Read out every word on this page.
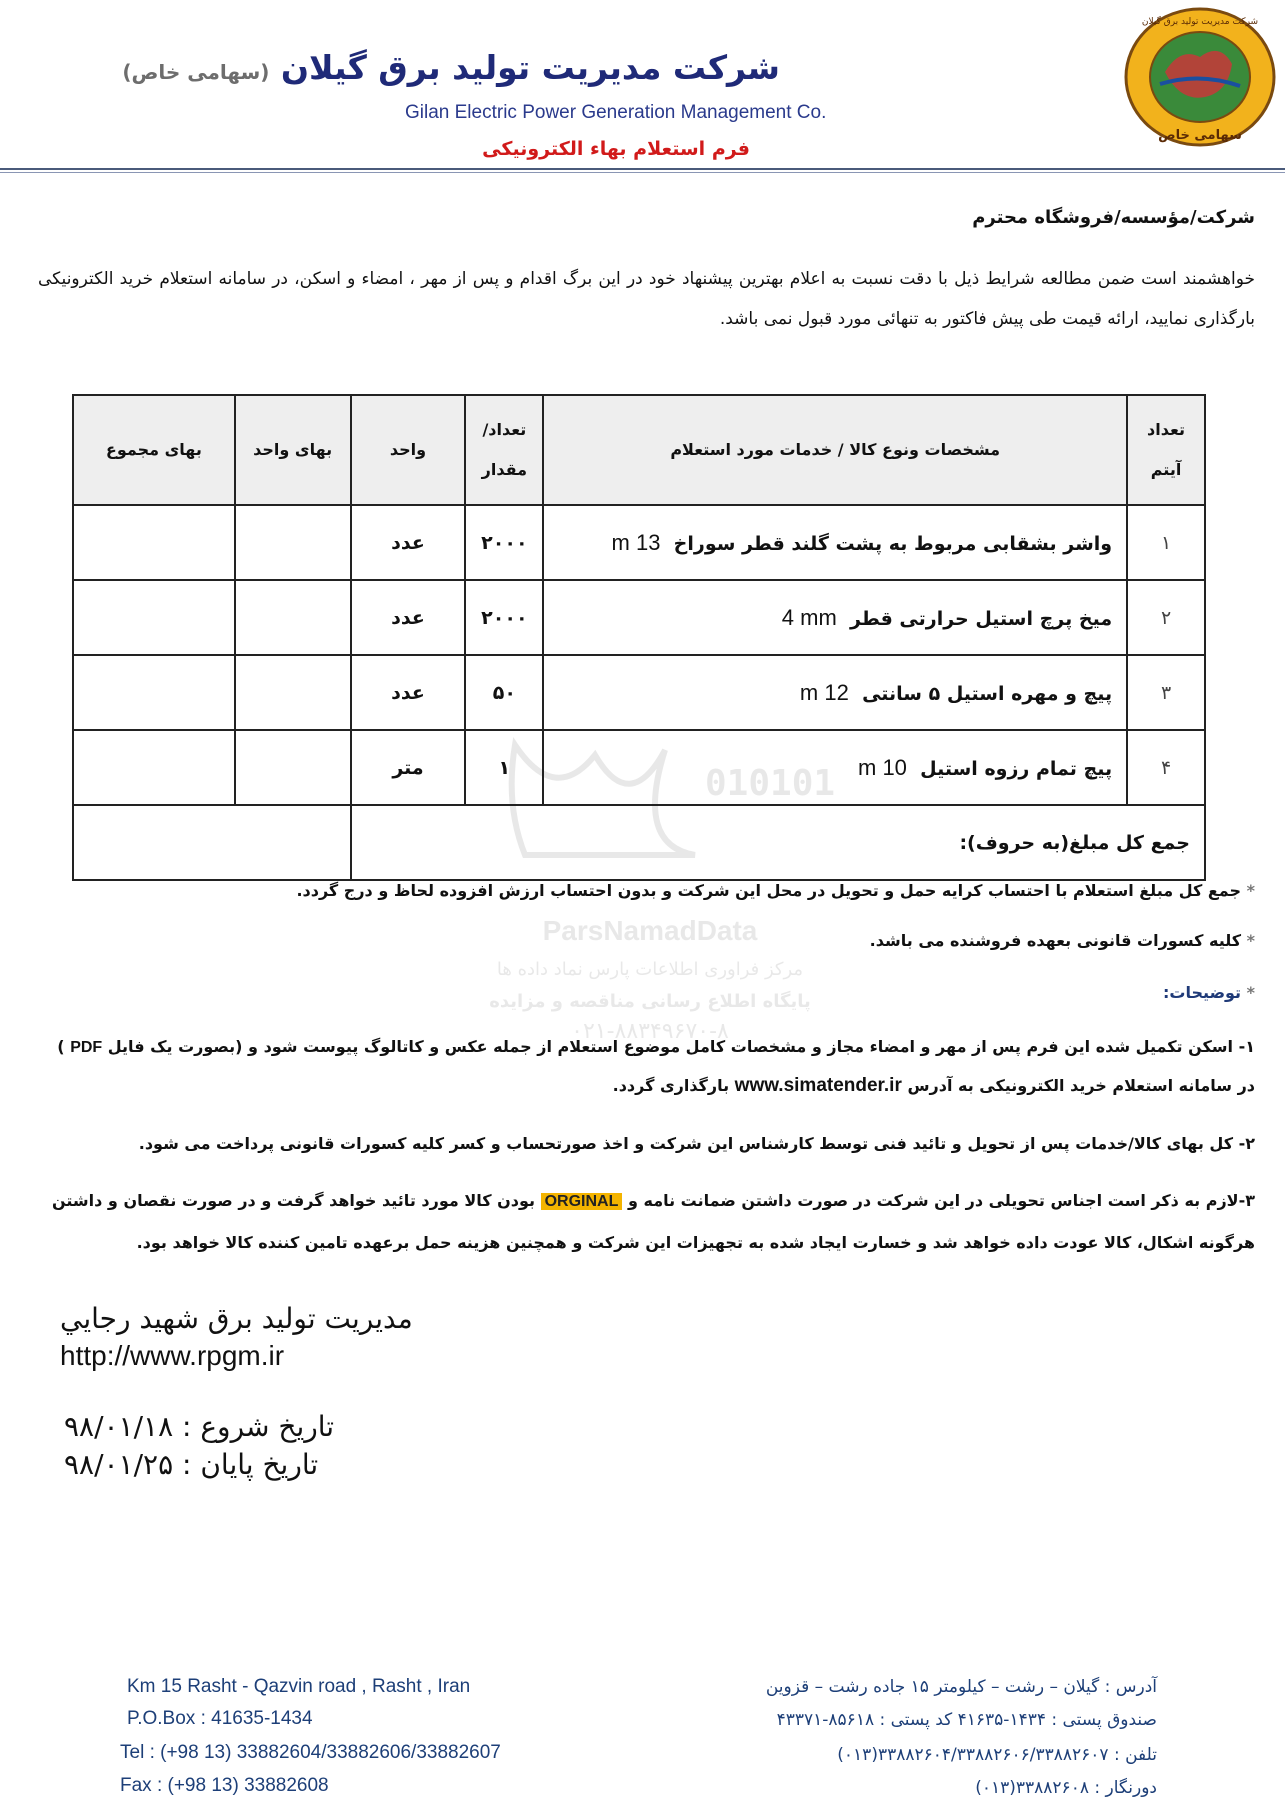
شرکت مدیریت تولید برق گیلان
سهامی خاص
شرکت مدیریت تولید برق گیلان (سهامی خاص)
Gilan Electric Power Generation Management Co.
فرم استعلام بهاء الکترونیکی
شرکت/مؤسسه/فروشگاه محترم
خواهشمند است ضمن مطالعه شرایط ذیل با دقت نسبت به اعلام بهترین پیشنهاد خود در این برگ اقدام و پس از مهر ، امضاء و اسکن، در سامانه استعلام خرید الکترونیکی بارگذاری نمایید، ارائه قیمت طی پیش فاکتور به تنهائی مورد قبول نمی باشد.
010101
ParsNamadData
مرکز فراوری اطلاعات پارس نماد داده ها
پایگاه اطلاع رسانی مناقصه و مزایده
۰۲۱-۸۸۳۴۹۶۷۰-۸
تعداد آیتم	مشخصات ونوع کالا / خدمات مورد استعلام	تعداد/ مقدار	واحد	بهای واحد	بهای مجموع
۱	واشر بشقابی مربوط به پشت گلند قطر سوراخ  m 13	۲۰۰۰	عدد		
۲	میخ پرچ استیل حرارتی قطر  4 mm	۲۰۰۰	عدد		
۳	پیچ و مهره استیل ۵ سانتی  m 12	۵۰	عدد		
۴	پیچ تمام رزوه استیل  m 10	۱	متر		
جمع کل مبلغ(به حروف):					
* جمع کل مبلغ استعلام با احتساب کرایه حمل و تحویل در محل این شرکت و بدون احتساب ارزش افزوده لحاظ و درج گردد.
* کلیه کسورات قانونی بعهده فروشنده می باشد.
* توضیحات:
۱- اسکن تکمیل شده این فرم پس از مهر و امضاء مجاز و مشخصات کامل موضوع استعلام از جمله عکس و کاتالوگ پیوست شود و (بصورت یک فایل PDF )
در سامانه استعلام خرید الکترونیکی به آدرس www.simatender.ir بارگذاری گردد.
۲- کل بهای کالا/خدمات پس از تحویل و تائید فنی توسط کارشناس این شرکت و اخذ صورتحساب و کسر کلیه کسورات قانونی پرداخت می شود.
۳-لازم به ذکر است اجناس تحویلی در این شرکت در صورت داشتن ضمانت نامه و ORGINAL بودن کالا مورد تائید خواهد گرفت و در صورت نقصان و داشتن
هرگونه اشکال، کالا عودت داده خواهد شد و خسارت ایجاد شده به تجهیزات این شرکت و همچنین هزینه حمل برعهده تامین کننده کالا خواهد بود.
مدیریت تولید برق شهید رجايي
http://www.rpgm.ir
تاریخ شروع : ۹۸/۰۱/۱۸
تاریخ پایان : ۹۸/۰۱/۲۵
Km 15 Rasht - Qazvin road , Rasht , Iran
P.O.Box : 41635-1434
Tel : (+98 13) 33882604/33882606/33882607
Fax : (+98 13) 33882608
آدرس : گیلان – رشت – کیلومتر ۱۵ جاده رشت – قزوین
صندوق پستی : ۱۴۳۴-۴۱۶۳۵ کد پستی : ۸۵۶۱۸-۴۳۳۷۱
تلفن : ۳۳۸۸۲۶۰۴/۳۳۸۸۲۶۰۶/۳۳۸۸۲۶۰۷(۰۱۳)
دورنگار : ۳۳۸۸۲۶۰۸(۰۱۳)
